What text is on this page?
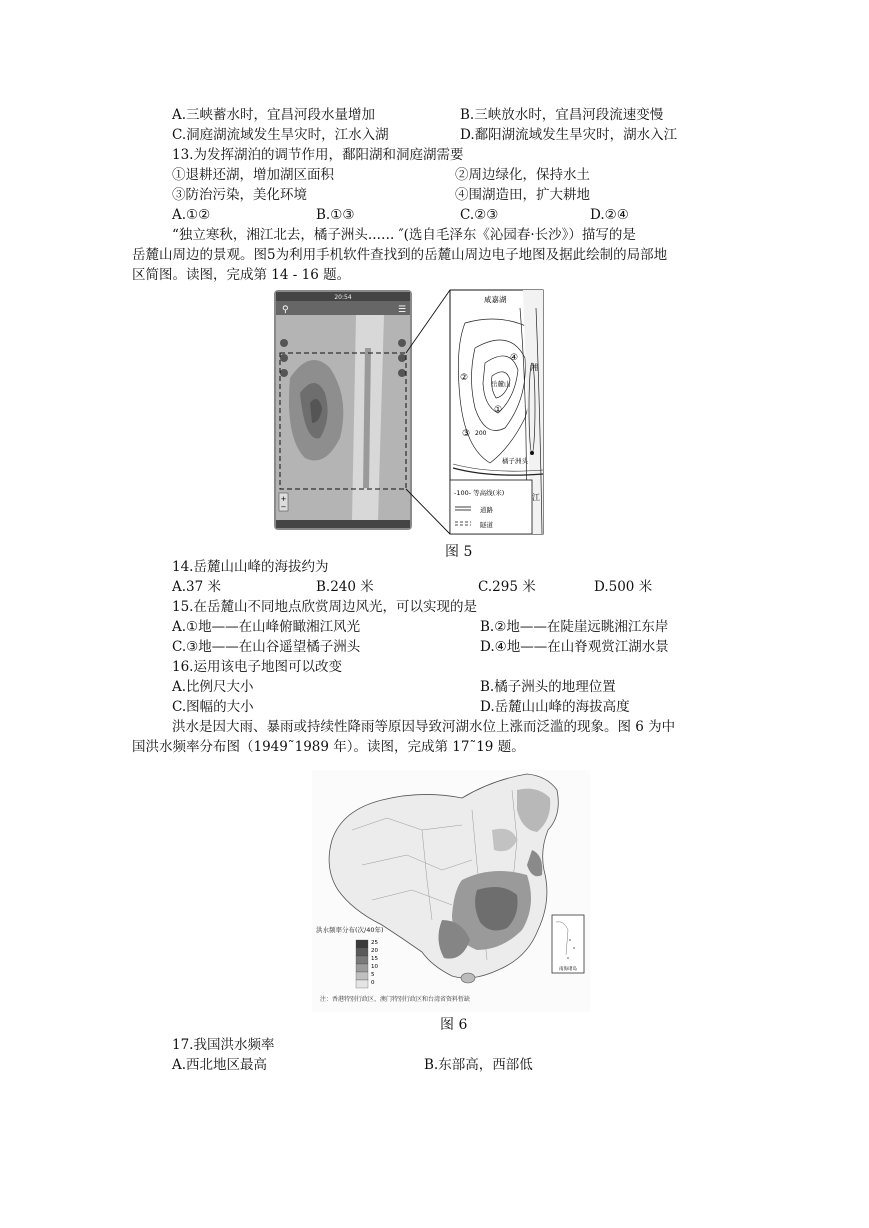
A.三峡蓄水时，宜昌河段水量增加	B.三峡放水时，宜昌河段流速变慢
C.洞庭湖流域发生旱灾时，江水入湖	D.鄱阳湖流域发生旱灾时，湖水入江
13.为发挥湖泊的调节作用，鄱阳湖和洞庭湖需要
①退耕还湖，增加湖区面积	②周边绿化，保持水土
③防治污染，美化环境	④围湖造田，扩大耕地
A.①②	B.①③	C.②③	D.②④
“独立寒秋，湘江北去，橘子洲头..…. ″(选自毛泽东《沁园春·长沙》）描写的是
岳麓山周边的景观。图5为利用手机软件查找到的岳麓山周边电子地图及据此绘制的局部地
区简图。读图，完成第 14 - 16 题。
20:54
⚲	☰
+
−
咸嘉湖
岳麓山
②
④
①
③ 200
湘
江
橘子洲头
-100- 等高线(米)
道路
隧道
图 5
14.岳麓山山峰的海拔约为
A.37 米	B.240 米	C.295 米	D.500 米
15.在岳麓山不同地点欣赏周边风光，可以实现的是
A.①地——在山峰俯瞰湘江风光	B.②地——在陡崖远眺湘江东岸
C.③地——在山谷遥望橘子洲头	D.④地——在山脊观赏江湖水景
16.运用该电子地图可以改变
A.比例尺大小	B.橘子洲头的地理位置
C.图幅的大小	D.岳麓山山峰的海拔高度
洪水是因大雨、暴雨或持续性降雨等原因导致河湖水位上涨而泛滥的现象。图 6 为中
国洪水频率分布图（1949˜1989 年）。读图，完成第 17˜19 题。
洪水频率分布(次/40年)
25
20
15
10
5
0
南海诸岛
注：香港特别行政区、澳门特别行政区和台湾省资料暂缺
图 6
17.我国洪水频率
A.西北地区最高	B.东部高，西部低
